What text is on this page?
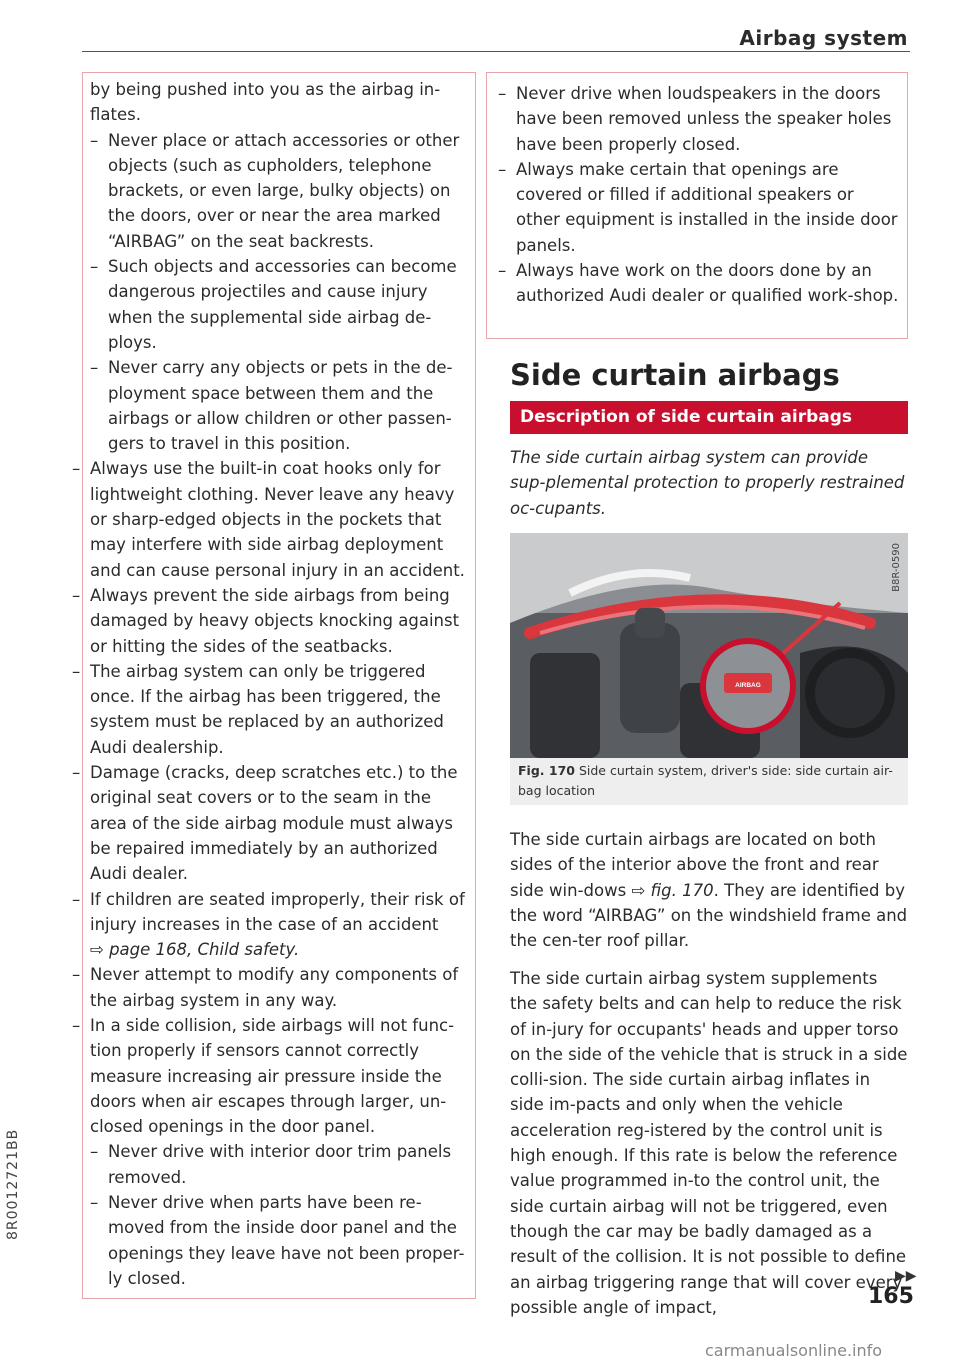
Airbag system
8R0012721BB

by being pushed into you as the airbag in-flates.

– Never place or attach accessories or other objects (such as cupholders, telephone brackets, or even large, bulky objects) on the doors, over or near the area marked “AIRBAG” on the seat backrests.
– Such objects and accessories can become dangerous projectiles and cause injury when the supplemental side airbag de-ploys.
– Never carry any objects or pets in the de-ployment space between them and the airbags or allow children or other passen-gers to travel in this position.
– Always use the built-in coat hooks only for lightweight clothing. Never leave any heavy or sharp-edged objects in the pockets that may interfere with side airbag deployment and can cause personal injury in an accident.
– Always prevent the side airbags from being damaged by heavy objects knocking against or hitting the sides of the seatbacks.
– The airbag system can only be triggered once. If the airbag has been triggered, the system must be replaced by an authorized Audi dealership.
– Damage (cracks, deep scratches etc.) to the original seat covers or to the seam in the area of the side airbag module must always be repaired immediately by an authorized Audi dealer.
– If children are seated improperly, their risk of injury increases in the case of an accident
⇨ page 168, Child safety.
– Never attempt to modify any components of the airbag system in any way.
– In a side collision, side airbags will not func-tion properly if sensors cannot correctly measure increasing air pressure inside the doors when air escapes through larger, un-closed openings in the door panel.
– Never drive with interior door trim panels removed.
– Never drive when parts have been re-moved from the inside door panel and the openings they leave have not been proper-ly closed.
– Never drive when loudspeakers in the doors have been removed unless the speaker holes have been properly closed.
– Always make certain that openings are covered or filled if additional speakers or other equipment is installed in the inside door panels.
– Always have work on the doors done by an authorized Audi dealer or qualified work-shop.
Side curtain airbags
Description of side curtain airbags

The side curtain airbag system can provide sup-plemental protection to properly restrained oc-cupants.

AIRBAG
B8R-0590
Fig. 170 Side curtain system, driver's side: side curtain air-bag location

The side curtain airbags are located on both sides of the interior above the front and rear side win-dows ⇨ fig. 170. They are identified by the word “AIRBAG” on the windshield frame and the cen-ter roof pillar.

The side curtain airbag system supplements the safety belts and can help to reduce the risk of in-jury for occupants' heads and upper torso on the side of the vehicle that is struck in a side colli-sion. The side curtain airbag inflates in side im-pacts and only when the vehicle acceleration reg-istered by the control unit is high enough. If this rate is below the reference value programmed in-to the control unit, the side curtain airbag will not be triggered, even though the car may be badly damaged as a result of the collision. It is not possible to define an airbag triggering range that will cover every possible angle of impact,

▶▶
165
carmanualsonline.info
